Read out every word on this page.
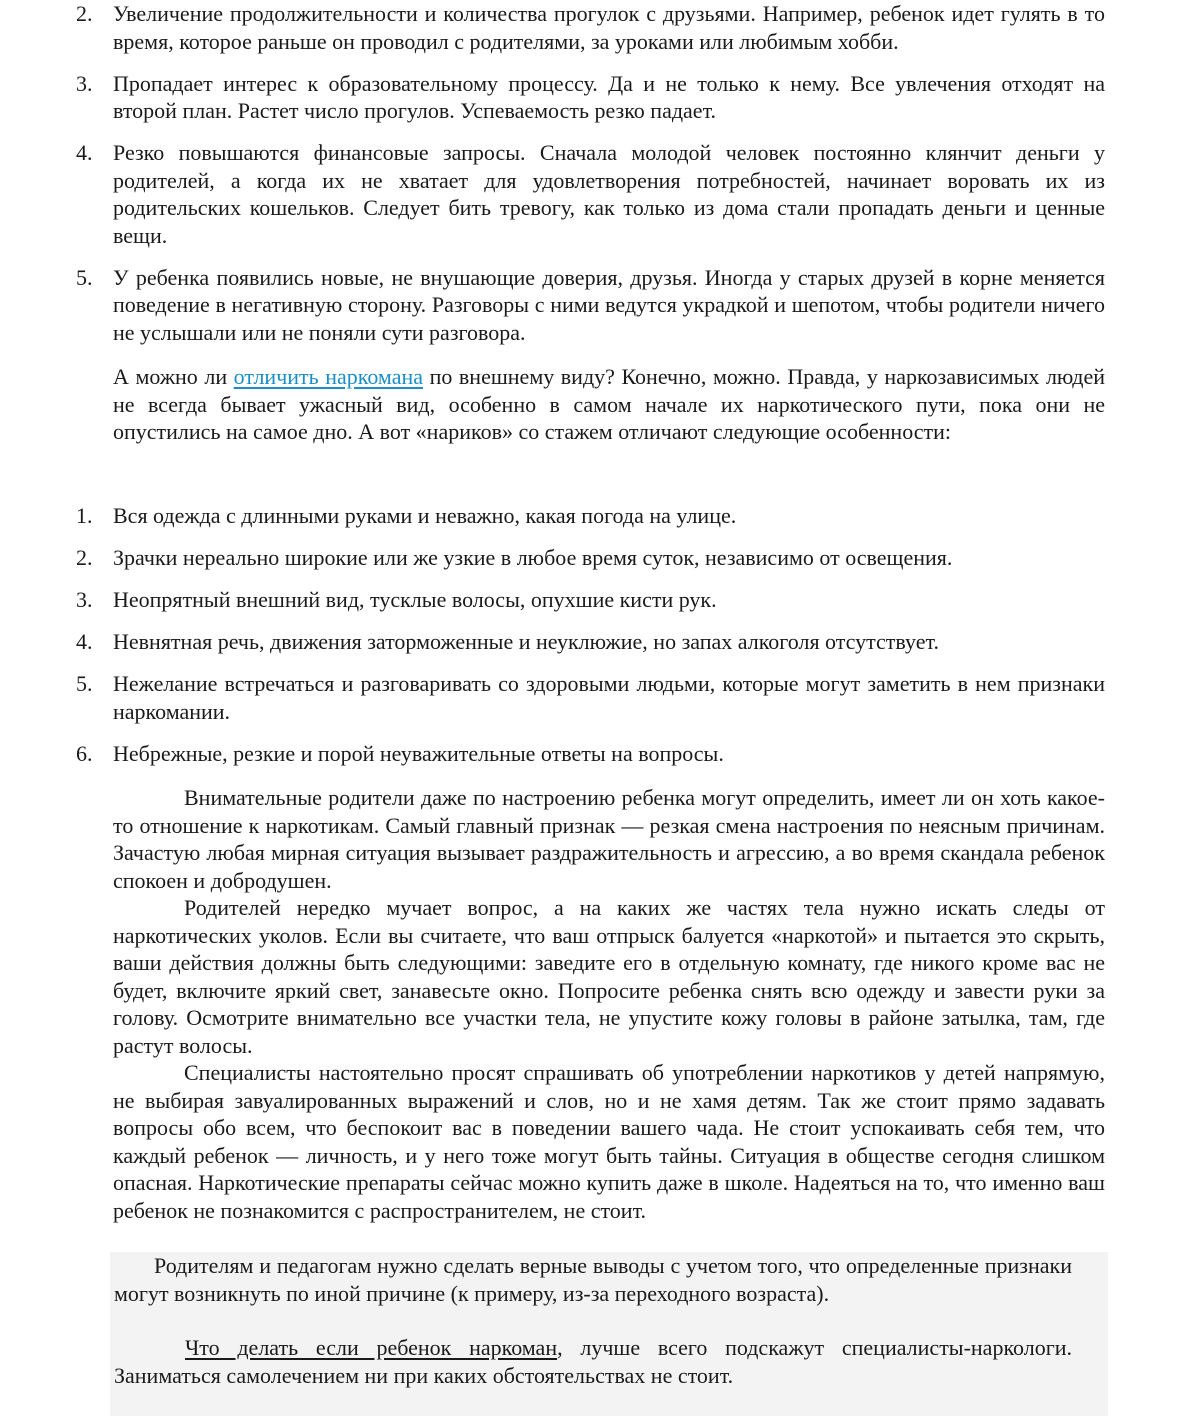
2. Увеличение продолжительности и количества прогулок с друзьями. Например, ребенок идет гулять в то время, которое раньше он проводил с родителями, за уроками или любимым хобби.
3. Пропадает интерес к образовательному процессу. Да и не только к нему. Все увлечения отходят на второй план. Растет число прогулов. Успеваемость резко падает.
4. Резко повышаются финансовые запросы. Сначала молодой человек постоянно клянчит деньги у родителей, а когда их не хватает для удовлетворения потребностей, начинает воровать их из родительских кошельков. Следует бить тревогу, как только из дома стали пропадать деньги и ценные вещи.
5. У ребенка появились новые, не внушающие доверия, друзья. Иногда у старых друзей в корне меняется поведение в негативную сторону. Разговоры с ними ведутся украдкой и шепотом, чтобы родители ничего не услышали или не поняли сути разговора.

А можно ли отличить наркомана по внешнему виду? Конечно, можно. Правда, у наркозависимых людей не всегда бывает ужасный вид, особенно в самом начале их наркотического пути, пока они не опустились на самое дно. А вот «нариков» со стажем отличают следующие особенности:

1. Вся одежда с длинными руками и неважно, какая погода на улице.
2. Зрачки нереально широкие или же узкие в любое время суток, независимо от освещения.
3. Неопрятный внешний вид, тусклые волосы, опухшие кисти рук.
4. Невнятная речь, движения заторможенные и неуклюжие, но запах алкоголя отсутствует.
5. Нежелание встречаться и разговаривать со здоровыми людьми, которые могут заметить в нем признаки наркомании.
6. Небрежные, резкие и порой неуважительные ответы на вопросы.

Внимательные родители даже по настроению ребенка могут определить, имеет ли он хоть какое-то отношение к наркотикам. Самый главный признак — резкая смена настроения по неясным причинам. Зачастую любая мирная ситуация вызывает раздражительность и агрессию, а во время скандала ребенок спокоен и добродушен.

Родителей нередко мучает вопрос, а на каких же частях тела нужно искать следы от наркотических уколов. Если вы считаете, что ваш отпрыск балуется «наркотой» и пытается это скрыть, ваши действия должны быть следующими: заведите его в отдельную комнату, где никого кроме вас не будет, включите яркий свет, занавесьте окно. Попросите ребенка снять всю одежду и завести руки за голову. Осмотрите внимательно все участки тела, не упустите кожу головы в районе затылка, там, где растут волосы.

Специалисты настоятельно просят спрашивать об употреблении наркотиков у детей напрямую, не выбирая завуалированных выражений и слов, но и не хамя детям. Так же стоит прямо задавать вопросы обо всем, что беспокоит вас в поведении вашего чада. Не стоит успокаивать себя тем, что каждый ребенок — личность, и у него тоже могут быть тайны. Ситуация в обществе сегодня слишком опасная. Наркотические препараты сейчас можно купить даже в школе. Надеяться на то, что именно ваш ребенок не познакомится с распространителем, не стоит.

Родителям и педагогам нужно сделать верные выводы с учетом того, что определенные признаки могут возникнуть по иной причине (к примеру, из-за переходного возраста).

Что делать если ребенок наркоман, лучше всего подскажут специалисты-наркологи. Заниматься самолечением ни при каких обстоятельствах не стоит.
